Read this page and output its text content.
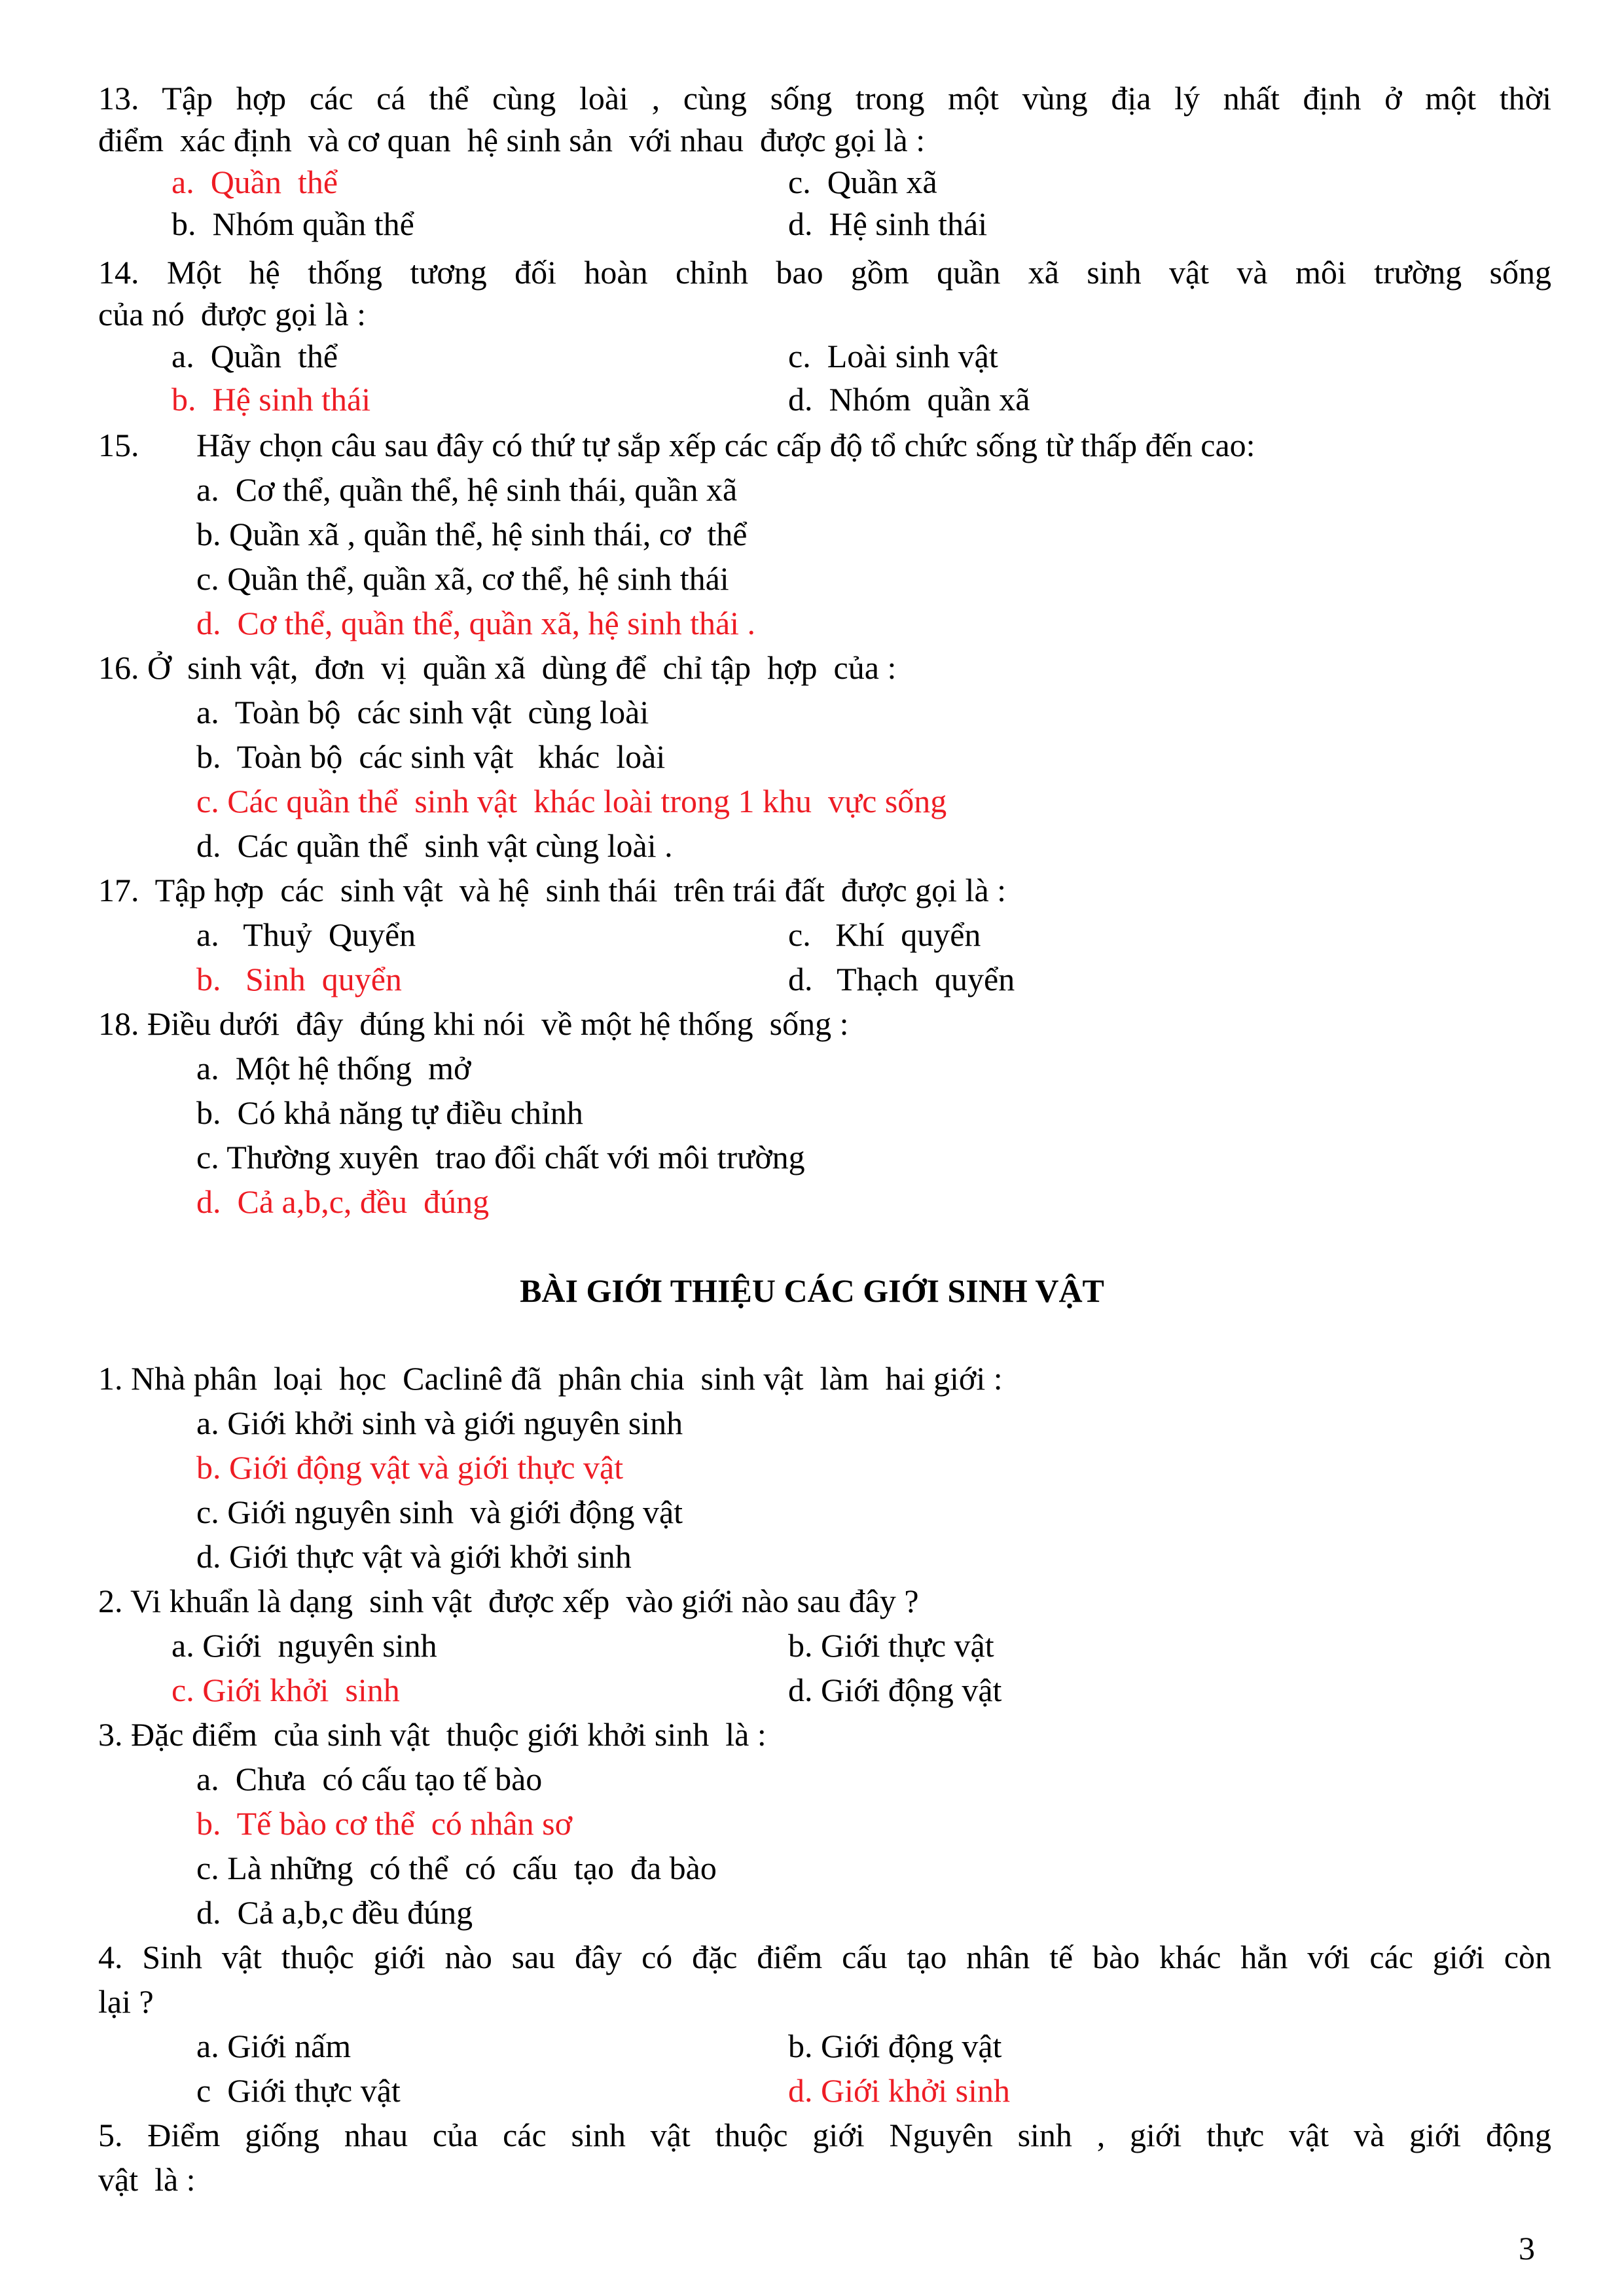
13. Tập hợp các cá thể cùng loài , cùng sống trong một vùng địa lý nhất định ở một thời
điểm  xác định  và cơ quan  hệ sinh sản  với nhau  được gọi là :
a.  Quần  thể	c.  Quần xã
b.  Nhóm quần thể	d.  Hệ sinh thái
14. Một hệ thống tương đối hoàn chỉnh bao gồm quần xã sinh vật và môi trường sống
của nó  được gọi là :
a.  Quần  thể	c.  Loài sinh vật
b.  Hệ sinh thái	d.  Nhóm  quần xã
15. Hãy chọn câu sau đây có thứ tự sắp xếp các cấp độ tổ chức sống từ thấp đến cao:
a.  Cơ thể, quần thể, hệ sinh thái, quần xã
b. Quần xã , quần thể, hệ sinh thái, cơ  thể
c. Quần thể, quần xã, cơ thể, hệ sinh thái
d.  Cơ thể, quần thể, quần xã, hệ sinh thái .
16. Ở  sinh vật,  đơn  vị  quần xã  dùng để  chỉ tập  hợp  của :
a.  Toàn bộ  các sinh vật  cùng loài
b.  Toàn bộ  các sinh vật   khác  loài
c. Các quần thể  sinh vật  khác loài trong 1 khu  vực sống
d.  Các quần thể  sinh vật cùng loài .
17.  Tập hợp  các  sinh vật  và hệ  sinh thái  trên trái đất  được gọi là :
a.   Thuỷ  Quyển	c.   Khí  quyển
b.   Sinh  quyển	d.   Thạch  quyển
18. Điều dưới  đây  đúng khi nói  về một hệ thống  sống :
a.  Một hệ thống  mở
b.  Có khả năng tự điều chỉnh
c. Thường xuyên  trao đổi chất với môi trường
d.  Cả a,b,c, đều  đúng
BÀI GIỚI THIỆU CÁC GIỚI SINH VẬT
1. Nhà phân  loại  học  Caclinê đã  phân chia  sinh vật  làm  hai giới :
a. Giới khởi sinh và giới nguyên sinh
b. Giới động vật và giới thực vật
c. Giới nguyên sinh  và giới động vật
d. Giới thực vật và giới khởi sinh
2. Vi khuẩn là dạng  sinh vật  được xếp  vào giới nào sau đây ?
a. Giới  nguyên sinh	b. Giới thực vật
c. Giới khởi  sinh	d. Giới động vật
3. Đặc điểm  của sinh vật  thuộc giới khởi sinh  là :
a.  Chưa  có cấu tạo tế bào
b.  Tế bào cơ thể  có nhân sơ
c. Là những  có thể  có  cấu  tạo  đa bào
d.  Cả a,b,c đều đúng
4. Sinh vật thuộc giới nào sau đây có đặc điểm cấu tạo nhân tế bào khác hẳn với các giới còn
lại ?
a. Giới nấm	b. Giới động vật
c  Giới thực vật	d. Giới khởi sinh
5. Điểm giống nhau của các sinh vật thuộc giới Nguyên sinh , giới thực vật và giới động
vật  là :
3
